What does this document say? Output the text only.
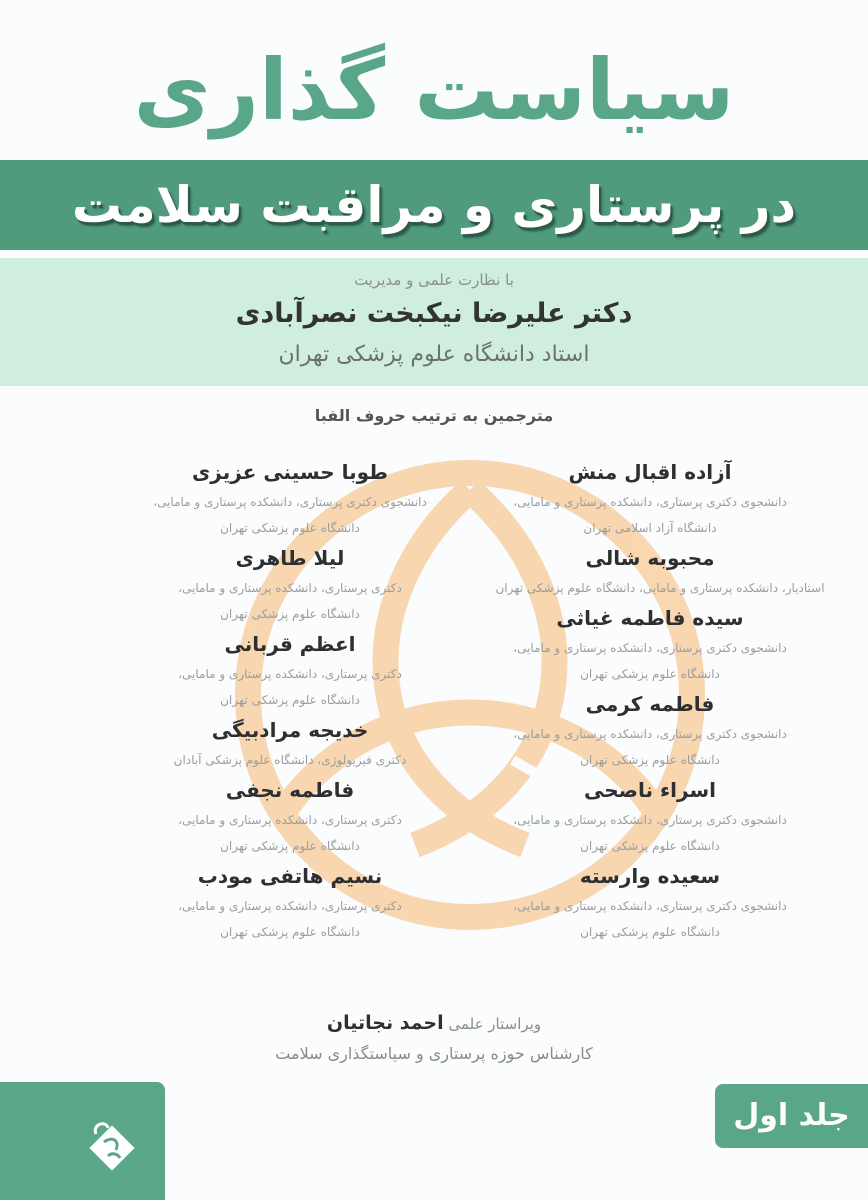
سیاست گذاری
در پرستاری و مراقبت سلامت
با نظارت علمی و مدیریت
دکتر علیرضا نیکبخت نصرآبادی
استاد دانشگاه علوم پزشکی تهران
مترجمین به ترتیب حروف الفبا
آزاده اقبال منش
دانشجوی دکتری پرستاری، دانشکده پرستاری و مامایی،
دانشگاه آزاد اسلامی تهران
محبوبه شالی
استادیار، دانشکده پرستاری و مامایی، دانشگاه علوم پزشکی تهران
سیده فاطمه غیاثی
دانشجوی دکتری پرستاری، دانشکده پرستاری و مامایی،
دانشگاه علوم پزشکی تهران
فاطمه کرمی
دانشجوی دکتری پرستاری، دانشکده پرستاری و مامایی،
دانشگاه علوم پزشکی تهران
اسراء ناصحی
دانشجوی دکتری پرستاری، دانشکده پرستاری و مامایی،
دانشگاه علوم پزشکی تهران
سعیده وارسته
دانشجوی دکتری پرستاری، دانشکده پرستاری و مامایی،
دانشگاه علوم پزشکی تهران
طوبا حسینی عزیزی
دانشجوی دکتری پرستاری، دانشکده پرستاری و مامایی،
دانشگاه علوم پزشکی تهران
لیلا طاهری
دکتری پرستاری، دانشکده پرستاری و مامایی،
دانشگاه علوم پزشکی تهران
اعظم قربانی
دکتری پرستاری، دانشکده پرستاری و مامایی،
دانشگاه علوم پزشکی تهران
خدیجه مرادبیگی
دکتری فیزیولوژی، دانشگاه علوم پزشکی آبادان
فاطمه نجفی
دکتری پرستاری، دانشکده پرستاری و مامایی،
دانشگاه علوم پزشکی تهران
نسیم هاتفی مودب
دکتری پرستاری، دانشکده پرستاری و مامایی،
دانشگاه علوم پزشکی تهران
ویراستار علمی احمد نجاتیان
کارشناس حوزه پرستاری و سیاستگذاری سلامت
جلد اول
